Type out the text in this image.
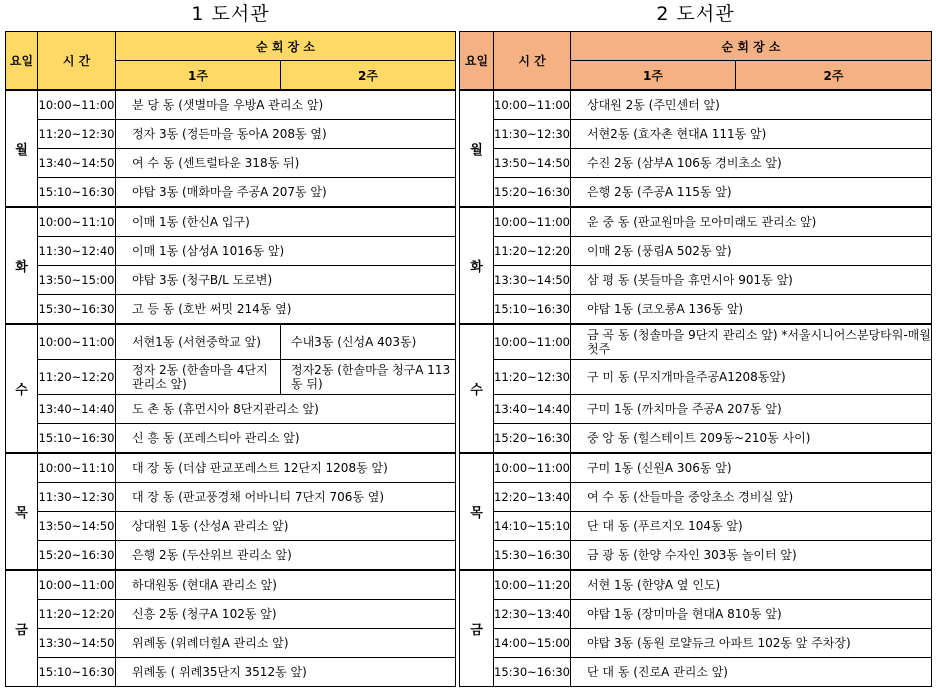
1 도서관
요일	시 간	순 회 장 소	
		1주	2주
월	10:00~11:00	분 당 동 (샛별마을 우방A 관리소 앞)	
	11:20~12:30	정자 3동 (정든마을 동아A 208동 옆)	
	13:40~14:50	여 수 동 (센트럴타운 318동 뒤)	
	15:10~16:30	야탑 3동 (매화마을 주공A 207동 앞)	
화	10:00~11:10	이매 1동 (한신A 입구)	
	11:30~12:40	이매 1동 (삼성A 1016동 앞)	
	13:50~15:00	야탑 3동 (청구B/L 도로변)	
	15:30~16:30	고 등 동 (호반 써밋 214동 옆)	
수	10:00~11:00	서현1동 (서현중학교 앞)	수내3동 (신성A 403동)
	11:20~12:20	정자 2동 (한솔마을 4단지 관리소 앞)	정자2동 (한솔마을 청구A 113동 뒤)
	13:40~14:40	도 촌 동 (휴먼시아 8단지관리소 앞)	
	15:10~16:30	신 흥 동 (포레스티아 관리소 앞)	
목	10:00~11:10	대 장 동 (더샵 판교포레스트 12단지 1208동 앞)	
	11:30~12:30	대 장 동 (판교풍경채 어바니티 7단지 706동 옆)	
	13:50~14:50	상대원 1동 (산성A 관리소 앞)	
	15:20~16:30	은행 2동 (두산위브 관리소 앞)	
금	10:00~11:00	하대원동 (현대A 관리소 앞)	
	11:20~12:20	신흥 2동 (청구A 102동 앞)	
	13:30~14:50	위례동 (위례더힐A 관리소 앞)	
	15:10~16:30	위례동 ( 위례35단지 3512동 앞)	
2 도서관
요일	시 간	순 회 장 소	
		1주	2주
월	10:00~11:00	상대원 2동 (주민센터 앞)	
	11:30~12:30	서현2동 (효자촌 현대A 111동 앞)	
	13:50~14:50	수진 2동 (삼부A 106동 경비초소 앞)	
	15:20~16:30	은행 2동 (주공A 115동 앞)	
화	10:00~11:00	운 중 동 (판교원마을 모아미래도 관리소 앞)	
	11:20~12:20	이매 2동 (풍림A 502동 앞)	
	13:30~14:50	삼 평 동 (봇들마을 휴먼시아 901동 앞)	
	15:10~16:30	야탑 1동 (코오롱A 136동 앞)	
수	10:00~11:00	금 곡 동 (청솔마을 9단지 관리소 앞) *서울시니어스분당타워-매월 첫주	
	11:20~12:30	구 미 동 (무지개마을주공A1208동앞)	
	13:40~14:40	구미 1동 (까치마을 주공A 207동 앞)	
	15:20~16:30	중 앙 동 (힐스테이트 209동~210동 사이)	
목	10:00~11:00	구미 1동 (신원A 306동 앞)	
	12:20~13:40	여 수 동 (산들마을 중앙초소 경비실 앞)	
	14:10~15:10	단 대 동 (푸르지오 104동 앞)	
	15:30~16:30	금 광 동 (한양 수자인 303동 놀이터 앞)	
금	10:00~11:20	서현 1동 (한양A 옆 인도)	
	12:30~13:40	야탑 1동 (장미마을 현대A 810동 앞)	
	14:00~15:00	야탑 3동 (동원 로얄듀크 아파트 102동 앞 주차장)	
	15:30~16:30	단 대 동 (진로A 관리소 앞)	
